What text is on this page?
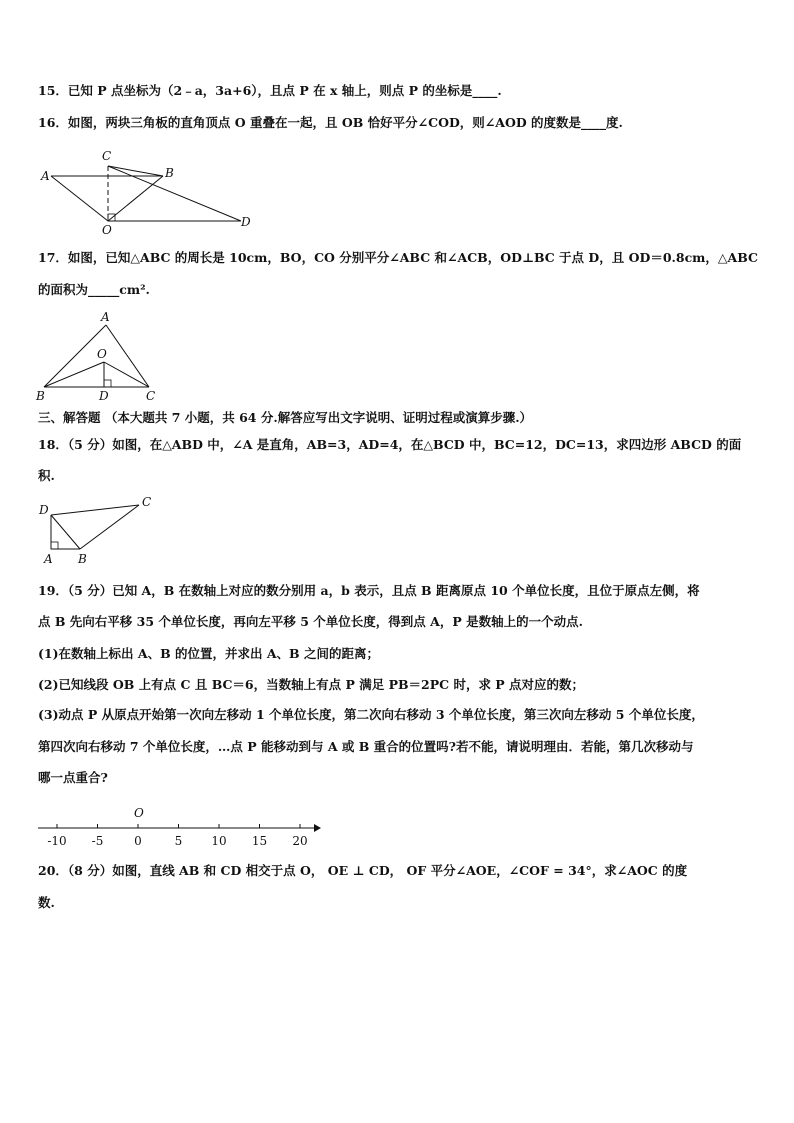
15．已知 P 点坐标为（2﹣a，3a+6），且点 P 在 x 轴上，则点 P 的坐标是____.
16．如图，两块三角板的直角顶点 O 重叠在一起，且 OB 恰好平分∠COD，则∠AOD 的度数是____度.
A	B
C
O
D
17．如图，已知△ABC 的周长是 10cm，BO，CO 分别平分∠ABC 和∠ACB，OD⊥BC 于点 D，且 OD＝0.8cm，△ABC
的面积为_____cm².
A
O
B	D	C
三、解答题 （本大题共 7 小题，共 64 分.解答应写出文字说明、证明过程或演算步骤.）
18．（5 分）如图，在△ABD 中，∠A 是直角，AB=3，AD=4，在△BCD 中，BC=12，DC=13，求四边形 ABCD 的面
积.
D
C
A B
19．（5 分）已知 A，B 在数轴上对应的数分别用 a，b 表示，且点 B 距离原点 10 个单位长度，且位于原点左侧，将
点 B 先向右平移 35 个单位长度，再向左平移 5 个单位长度，得到点 A，P 是数轴上的一个动点.
(1)在数轴上标出 A、B 的位置，并求出 A、B 之间的距离；
(2)已知线段 OB 上有点 C 且 BC＝6，当数轴上有点 P 满足 PB＝2PC 时，求 P 点对应的数；
(3)动点 P 从原点开始第一次向左移动 1 个单位长度，第二次向右移动 3 个单位长度，第三次向左移动 5 个单位长度，
第四次向右移动 7 个单位长度，…点 P 能移动到与 A 或 B 重合的位置吗?若不能，请说明理由．若能，第几次移动与
哪一点重合?
-10 -5	0	5 10 15 20
O
20．（8 分）如图，直线 AB 和 CD 相交于点 O， OE ⊥ CD， OF 平分∠AOE，∠COF = 34°，求∠AOC 的度
数.
